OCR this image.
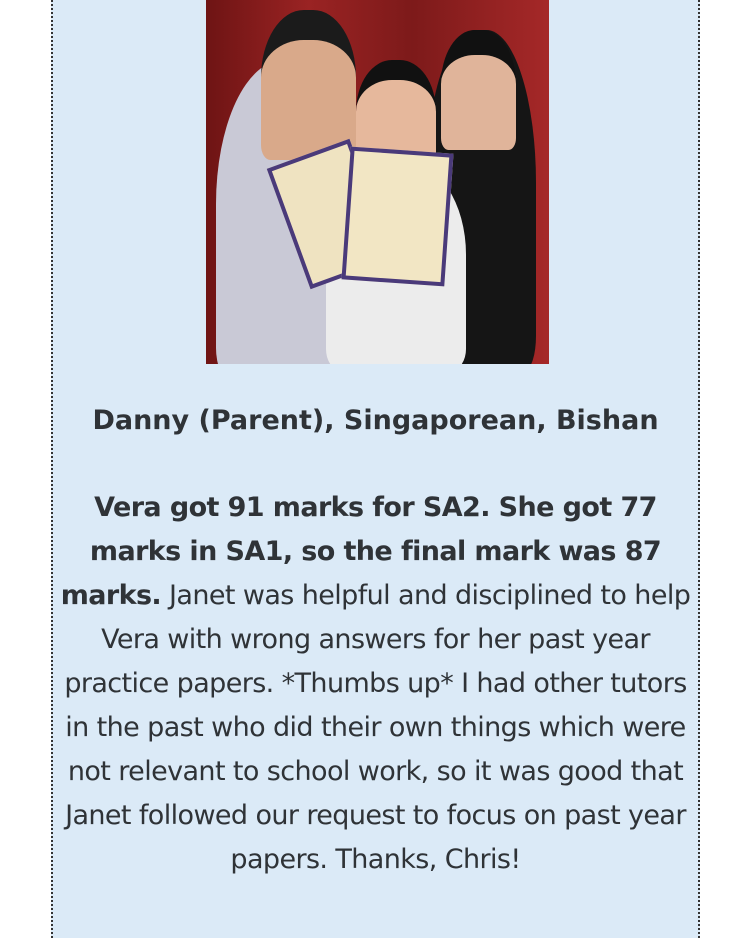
Danny (Parent), Singaporean, Bishan
Vera got 91 marks for SA2. She got 77 marks in SA1, so the final mark was 87 marks. Janet was helpful and disciplined to help Vera with wrong answers for her past year practice papers. *Thumbs up* I had other tutors in the past who did their own things which were not relevant to school work, so it was good that Janet followed our request to focus on past year papers. Thanks, Chris!
